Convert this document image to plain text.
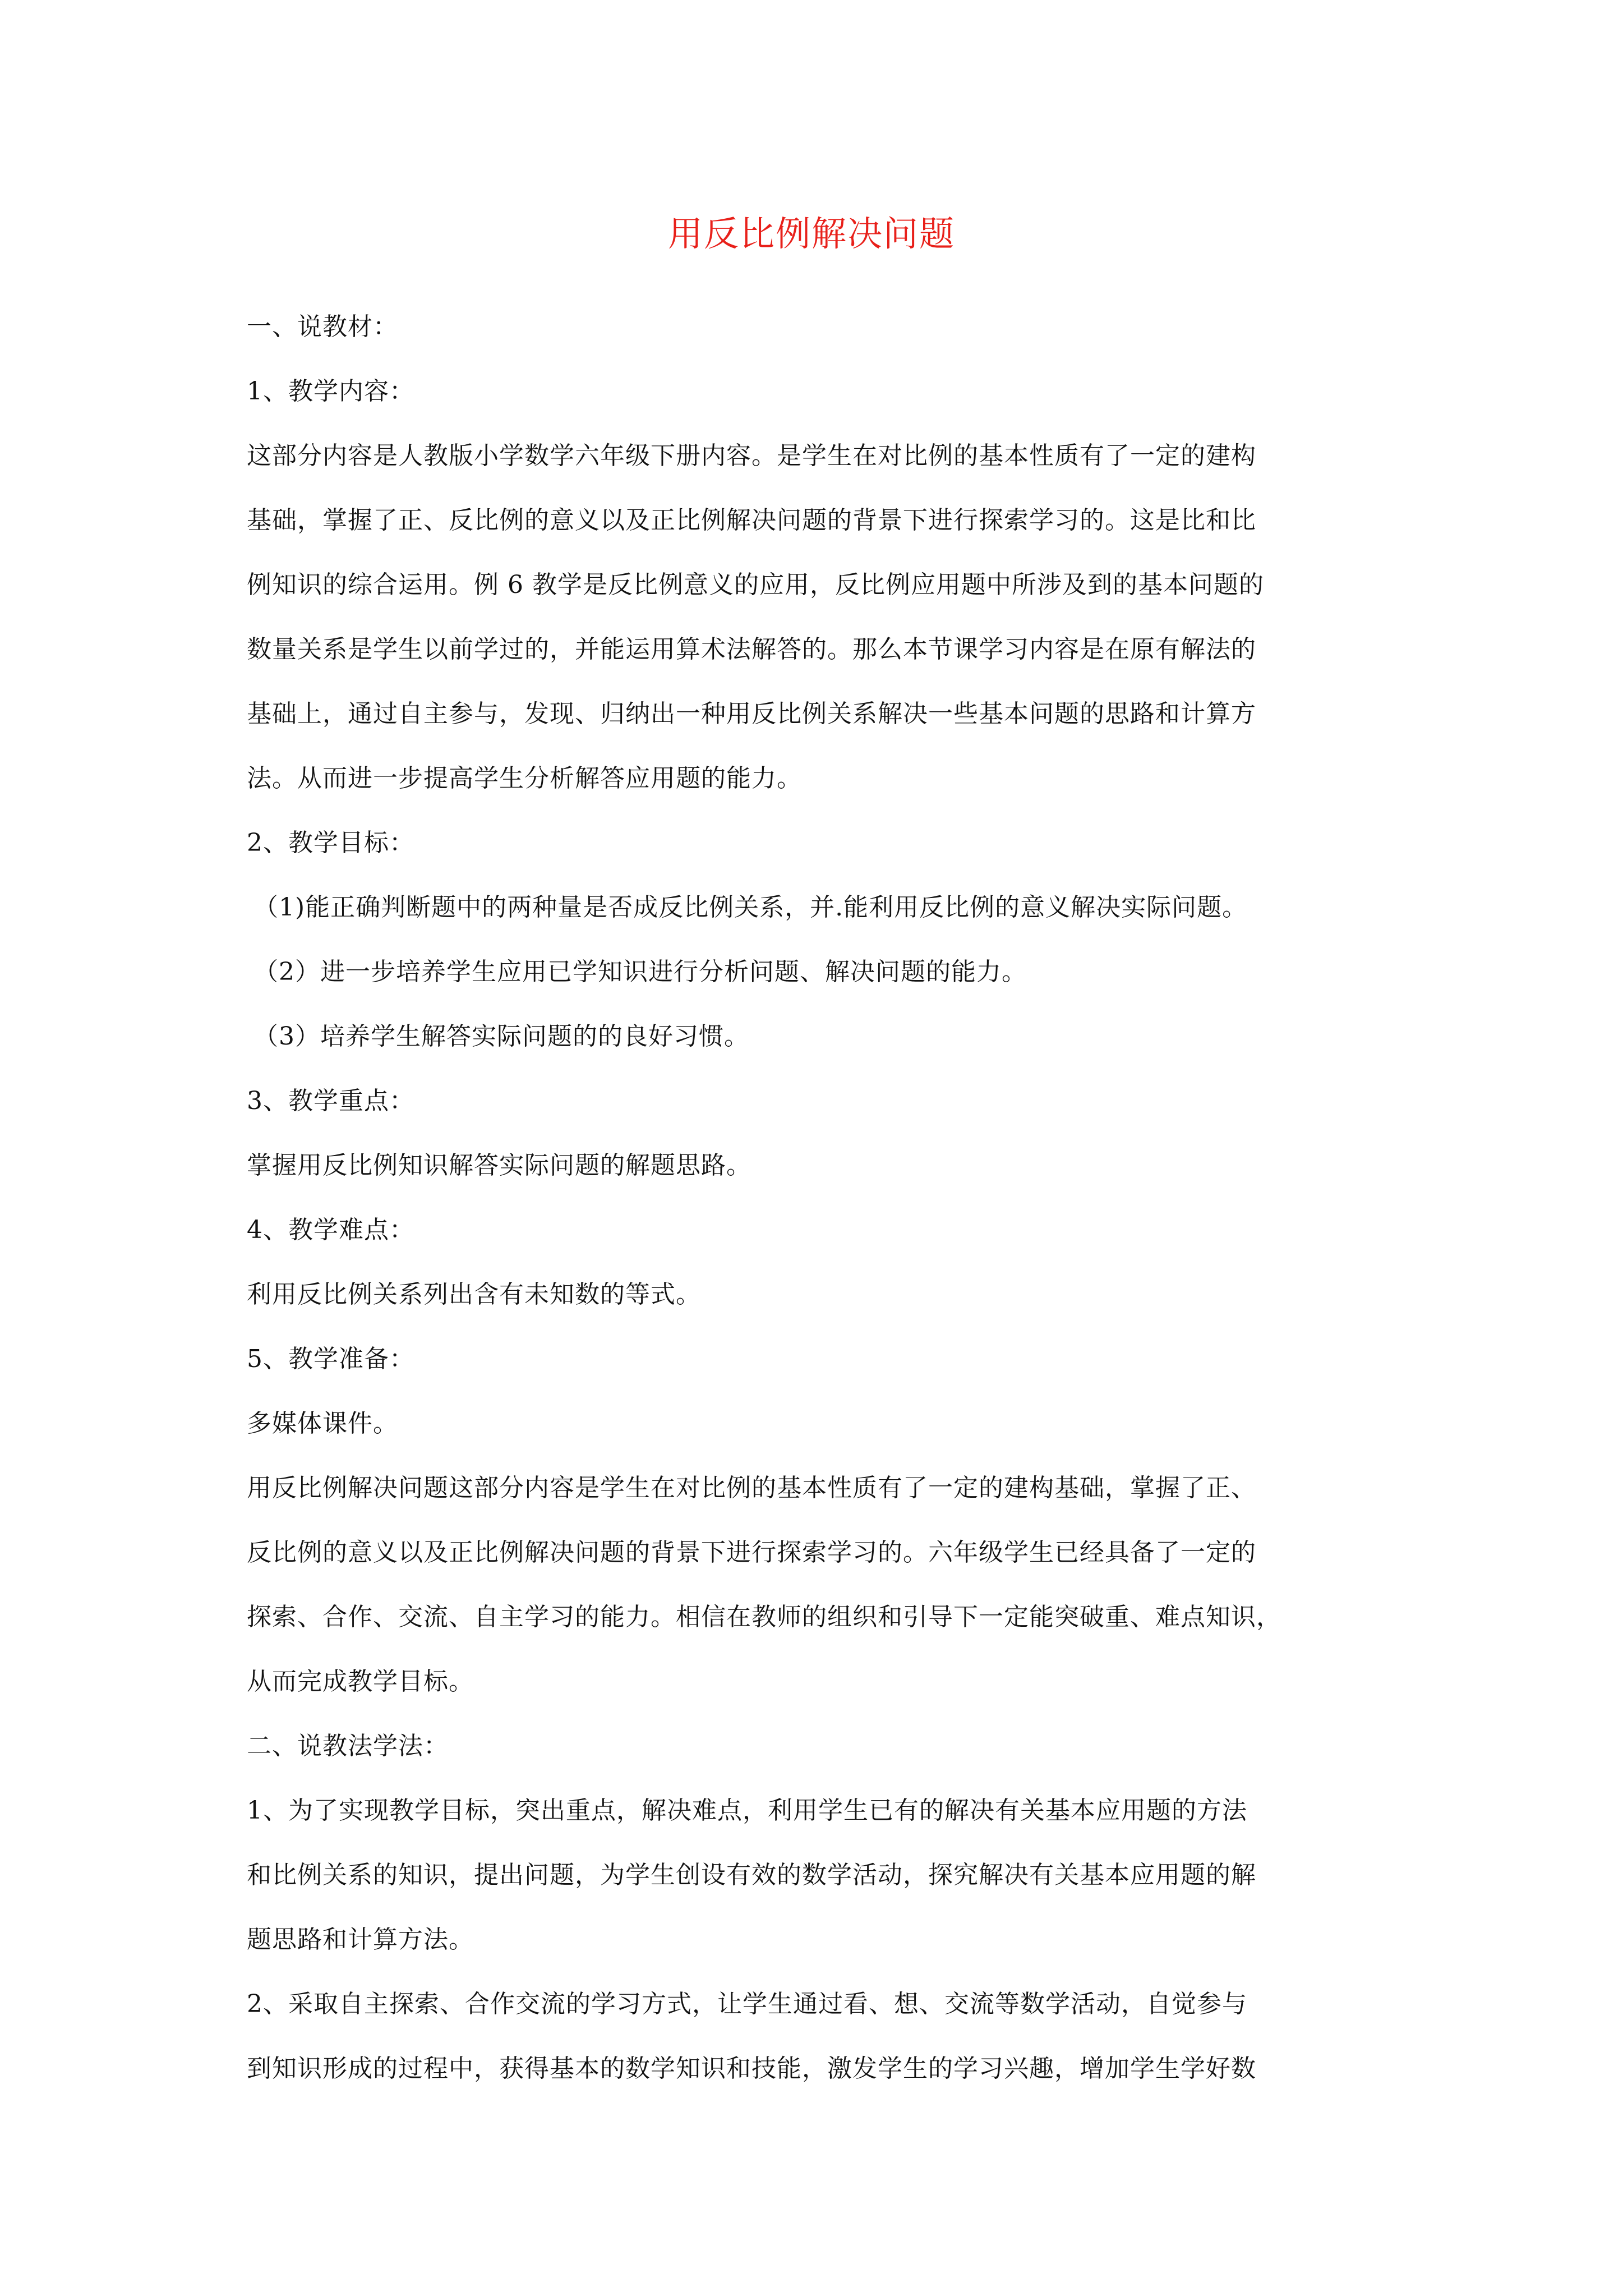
用反比例解决问题
一、说教材：
1、教学内容：
这部分内容是人教版小学数学六年级下册内容。是学生在对比例的基本性质有了一定的建构
基础，掌握了正、反比例的意义以及正比例解决问题的背景下进行探索学习的。这是比和比
例知识的综合运用。例 6 教学是反比例意义的应用，反比例应用题中所涉及到的基本问题的
数量关系是学生以前学过的，并能运用算术法解答的。那么本节课学习内容是在原有解法的
基础上，通过自主参与，发现、归纳出一种用反比例关系解决一些基本问题的思路和计算方
法。从而进一步提高学生分析解答应用题的能力。
2、教学目标：
（1)能正确判断题中的两种量是否成反比例关系，并.能利用反比例的意义解决实际问题。
（2）进一步培养学生应用已学知识进行分析问题、解决问题的能力。
（3）培养学生解答实际问题的的良好习惯。
3、教学重点：
掌握用反比例知识解答实际问题的解题思路。
4、教学难点：
利用反比例关系列出含有未知数的等式。
5、教学准备：
多媒体课件。
用反比例解决问题这部分内容是学生在对比例的基本性质有了一定的建构基础，掌握了正、
反比例的意义以及正比例解决问题的背景下进行探索学习的。六年级学生已经具备了一定的
探索、合作、交流、自主学习的能力。相信在教师的组织和引导下一定能突破重、难点知识，
从而完成教学目标。
二、说教法学法：
1、为了实现教学目标，突出重点，解决难点，利用学生已有的解决有关基本应用题的方法
和比例关系的知识，提出问题，为学生创设有效的数学活动，探究解决有关基本应用题的解
题思路和计算方法。
2、采取自主探索、合作交流的学习方式，让学生通过看、想、交流等数学活动，自觉参与
到知识形成的过程中，获得基本的数学知识和技能，激发学生的学习兴趣，增加学生学好数
